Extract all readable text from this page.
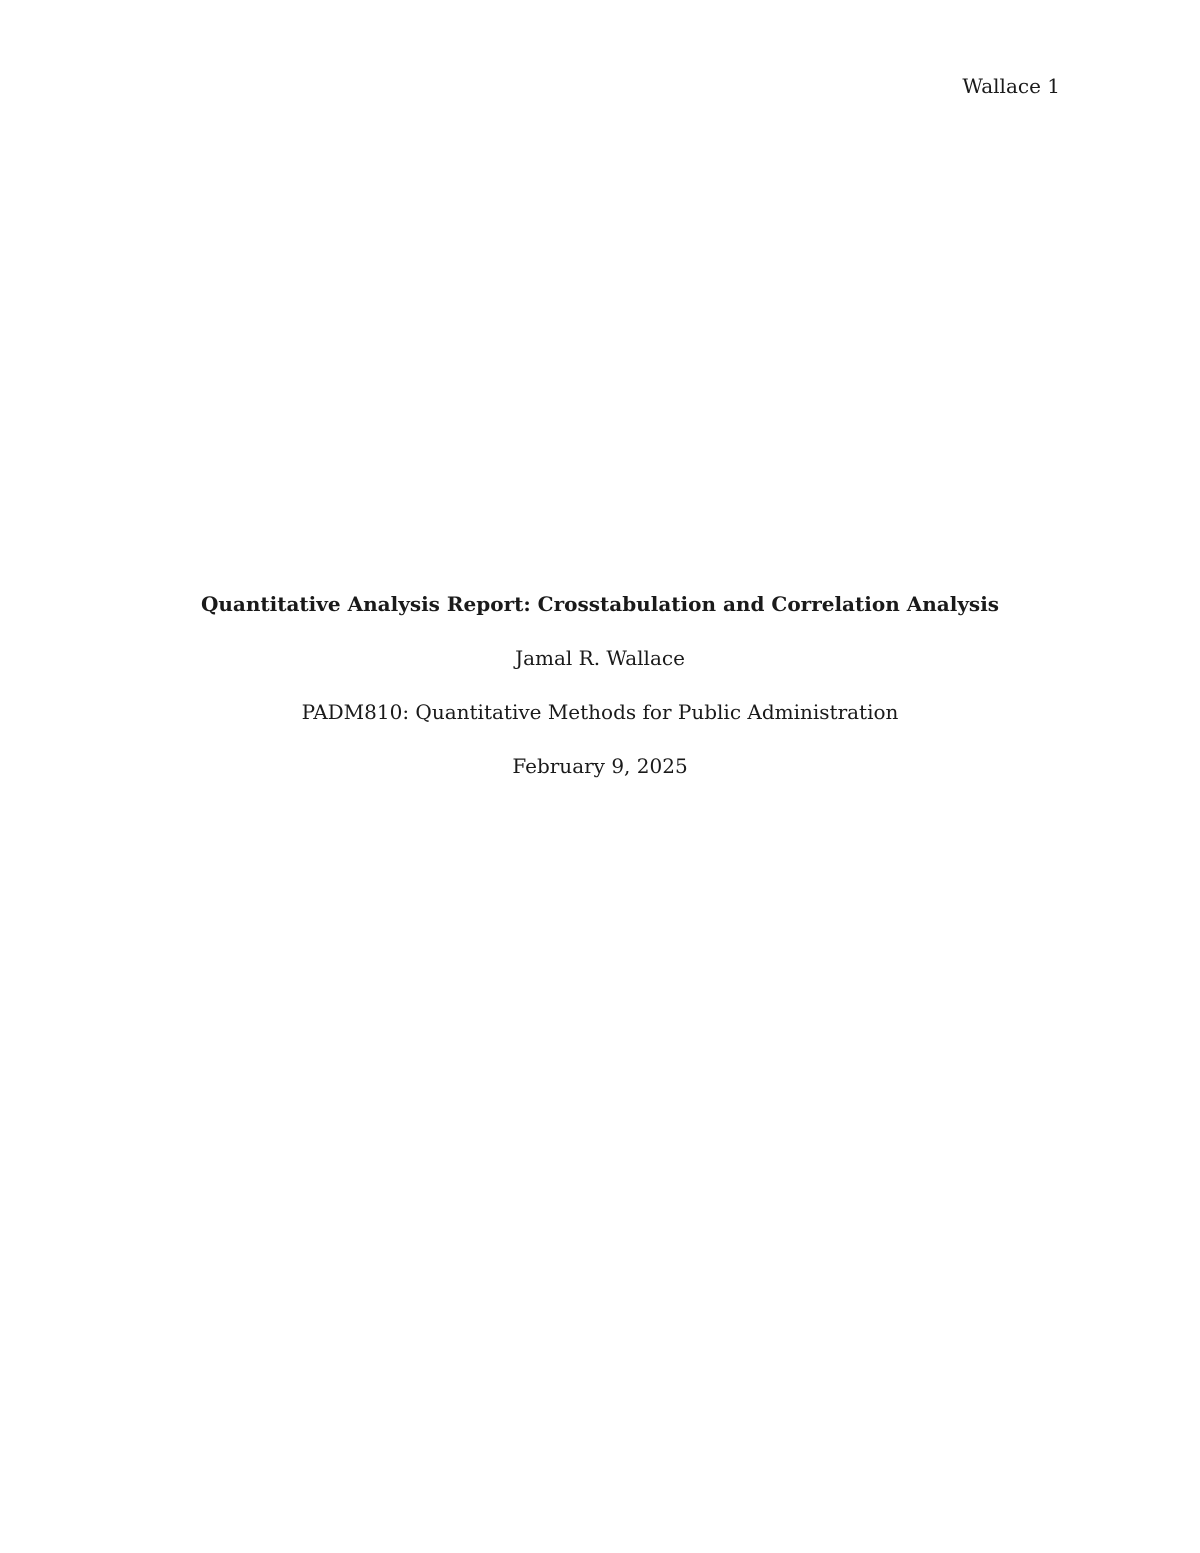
Wallace 1
Quantitative Analysis Report: Crosstabulation and Correlation Analysis
Jamal R. Wallace
PADM810: Quantitative Methods for Public Administration
February 9, 2025
